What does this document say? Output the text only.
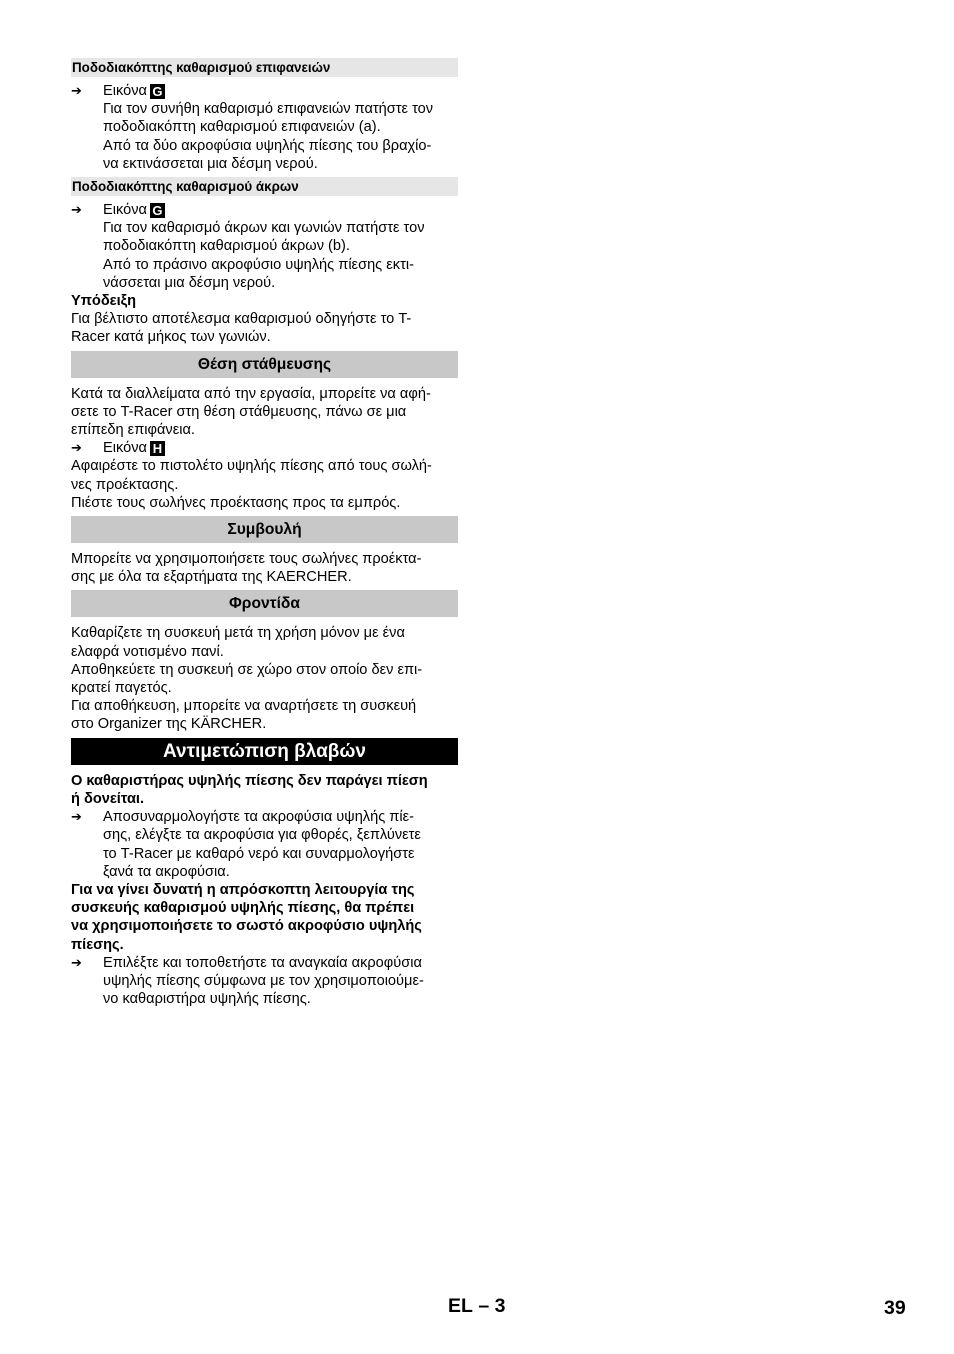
Ποδοδιακόπτης καθαρισμού επιφανειών
➔	Εικόνα G
Για τον συνήθη καθαρισμό επιφανειών πατήστε τον
ποδοδιακόπτη καθαρισμού επιφανειών (a).
Από τα δύο ακροφύσια υψηλής πίεσης του βραχίο-
να εκτινάσσεται μια δέσμη νερού.
Ποδοδιακόπτης καθαρισμού άκρων
➔	Εικόνα G
Για τον καθαρισμό άκρων και γωνιών πατήστε τον
ποδοδιακόπτη καθαρισμού άκρων (b).
Από το πράσινο ακροφύσιο υψηλής πίεσης εκτι-
νάσσεται μια δέσμη νερού.
Υπόδειξη
Για βέλτιστο αποτέλεσμα καθαρισμού οδηγήστε το T-
Racer κατά μήκος των γωνιών.
Θέση στάθμευσης
Κατά τα διαλλείματα από την εργασία, μπορείτε να αφή-
σετε το T-Racer στη θέση στάθμευσης, πάνω σε μια
επίπεδη επιφάνεια.
➔	Εικόνα H
Αφαιρέστε το πιστολέτο υψηλής πίεσης από τους σωλή-
νες προέκτασης.
Πιέστε τους σωλήνες προέκτασης προς τα εμπρός.
Συμβουλή
Μπορείτε να χρησιμοποιήσετε τους σωλήνες προέκτα-
σης με όλα τα εξαρτήματα της KAERCHER.
Φροντίδα
Καθαρίζετε τη συσκευή μετά τη χρήση μόνον με ένα
ελαφρά νοτισμένο πανί.
Αποθηκεύετε τη συσκευή σε χώρο στον οποίο δεν επι-
κρατεί παγετός.
Για αποθήκευση, μπορείτε να αναρτήσετε τη συσκευή
στο Organizer της KÄRCHER.
Αντιμετώπιση βλαβών
Ο καθαριστήρας υψηλής πίεσης δεν παράγει πίεση
ή δονείται.
➔	Αποσυναρμολογήστε τα ακροφύσια υψηλής πίε-
σης, ελέγξτε τα ακροφύσια για φθορές, ξεπλύνετε
το T-Racer με καθαρό νερό και συναρμολογήστε
ξανά τα ακροφύσια.
Για να γίνει δυνατή η απρόσκοπτη λειτουργία της
συσκευής καθαρισμού υψηλής πίεσης, θα πρέπει
να χρησιμοποιήσετε το σωστό ακροφύσιο υψηλής
πίεσης.
➔	Επιλέξτε και τοποθετήστε τα αναγκαία ακροφύσια
υψηλής πίεσης σύμφωνα με τον χρησιμοποιούμε-
νο καθαριστήρα υψηλής πίεσης.
EL – 3	39
